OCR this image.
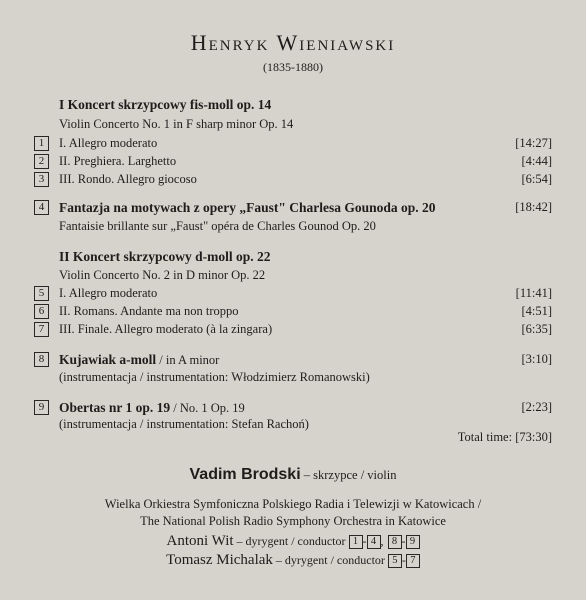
Henryk Wieniawski
(1835-1880)
I Koncert skrzypcowy fis-moll op. 14
Violin Concerto No. 1 in F sharp minor Op. 14
1	I. Allegro moderato	[14:27]
2	II. Preghiera. Larghetto	[4:44]
3	III. Rondo. Allegro giocoso	[6:54]
4	Fantazja na motywach z opery „Faust" Charlesa Gounoda op. 20	[18:42]
Fantaisie brillante sur „Faust" opéra de Charles Gounod Op. 20
II Koncert skrzypcowy d-moll op. 22
Violin Concerto No. 2 in D minor Op. 22
5	I. Allegro moderato	[11:41]
6	II. Romans. Andante ma non troppo	[4:51]
7	III. Finale. Allegro moderato (à la zingara)	[6:35]
8	Kujawiak a-moll / in A minor	[3:10]
(instrumentacja / instrumentation: Włodzimierz Romanowski)
9	Obertas nr 1 op. 19 / No. 1 Op. 19	[2:23]
(instrumentacja / instrumentation: Stefan Rachoń)
Total time: [73:30]
Vadim Brodski – skrzypce / violin
Wielka Orkiestra Symfoniczna Polskiego Radia i Telewizji w Katowicach /
The National Polish Radio Symphony Orchestra in Katowice
Antoni Wit – dyrygent / conductor 1 - 4 , 8 - 9
Tomasz Michalak – dyrygent / conductor 5 - 7
